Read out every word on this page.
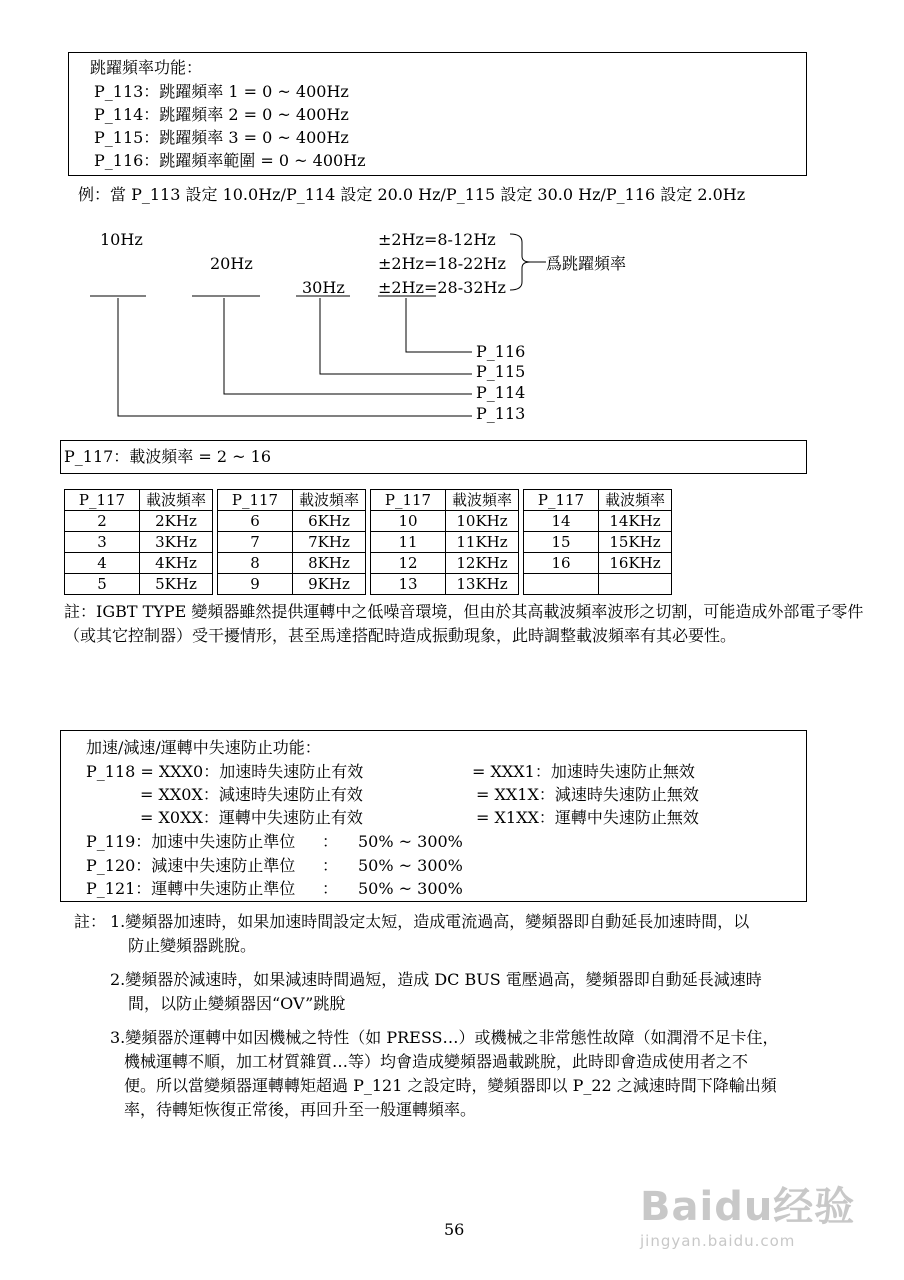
跳躍頻率功能：
P_113：跳躍頻率 1 = 0 ~ 400Hz
P_114：跳躍頻率 2 = 0 ~ 400Hz
P_115：跳躍頻率 3 = 0 ~ 400Hz
P_116：跳躍頻率範圍 = 0 ~ 400Hz
例：當 P_113 設定 10.0Hz/P_114 設定 20.0 Hz/P_115 設定 30.0 Hz/P_116 設定 2.0Hz
10Hz
20Hz
30Hz
±2Hz=8-12Hz
±2Hz=18-22Hz
±2Hz=28-32Hz
爲跳躍頻率
P_116
P_115
P_114
P_113
P_117：載波頻率 = 2 ~ 16
P_117	載波頻率		P_117	載波頻率		P_117	載波頻率		P_117	載波頻率
2	2KHz		6	6KHz		10	10KHz		14	14KHz
3	3KHz		7	7KHz		11	11KHz		15	15KHz
4	4KHz		8	8KHz		12	12KHz		16	16KHz
5	5KHz		9	9KHz		13	13KHz			
註：IGBT TYPE 變頻器雖然提供運轉中之低噪音環境，但由於其高載波頻率波形之切割，可能造成外部電子零件（或其它控制器）受干擾情形，甚至馬達搭配時造成振動現象，此時調整載波頻率有其必要性。
加速/減速/運轉中失速防止功能：
P_118 = XXX0：加速時失速防止有效
= XX0X：減速時失速防止有效
= X0XX：運轉中失速防止有效
= XXX1：加速時失速防止無效
= XX1X：減速時失速防止無效
= X1XX：運轉中失速防止無效
P_119：加速中失速防止準位 ： 50% ~ 300%
P_120：減速中失速防止準位 ： 50% ~ 300%
P_121：運轉中失速防止準位 ： 50% ~ 300%
註： 1.變頻器加速時，如果加速時間設定太短，造成電流過高，變頻器即自動延長加速時間，以
防止變頻器跳脫。
2.變頻器於減速時，如果減速時間過短，造成 DC BUS 電壓過高，變頻器即自動延長減速時
間，以防止變頻器因“OV”跳脫
3.變頻器於運轉中如因機械之特性（如 PRESS…）或機械之非常態性故障（如潤滑不足卡住，
機械運轉不順，加工材質雜質…等）均會造成變頻器過載跳脫，此時即會造成使用者之不
便。所以當變頻器運轉轉矩超過 P_121 之設定時，變頻器即以 P_22 之減速時間下降輸出頻
率，待轉矩恢復正常後，再回升至一般運轉頻率。
56	Baidu经验
jingyan.baidu.com
